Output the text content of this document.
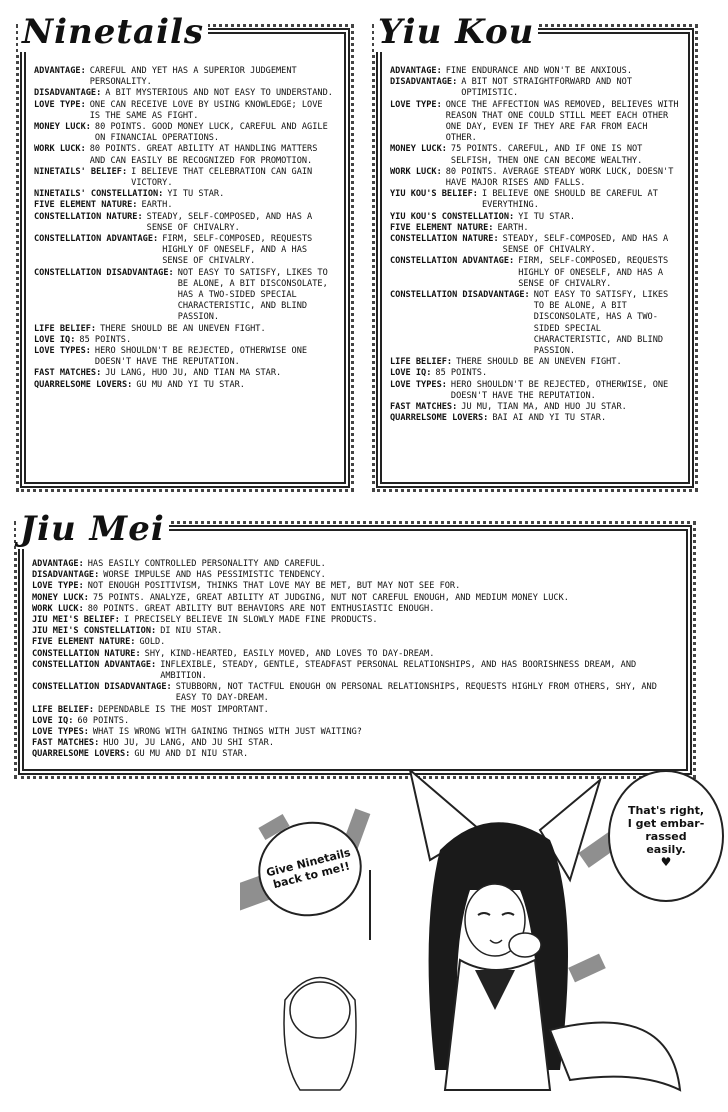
Ninetails
ADVANTAGE: CAREFUL AND YET HAS A SUPERIOR JUDGEMENT PERSONALITY.
DISADVANTAGE: A BIT MYSTERIOUS AND NOT EASY TO UNDERSTAND.
LOVE TYPE: ONE CAN RECEIVE LOVE BY USING KNOWLEDGE; LOVE IS THE SAME AS FIGHT.
MONEY LUCK: 80 POINTS. GOOD MONEY LUCK, CAREFUL AND AGILE ON FINANCIAL OPERATIONS.
WORK LUCK: 80 POINTS. GREAT ABILITY AT HANDLING MATTERS AND CAN EASILY BE RECOGNIZED FOR PROMOTION.
NINETAILS' BELIEF: I BELIEVE THAT CELEBRATION CAN GAIN VICTORY.
NINETAILS' CONSTELLATION: YI TU STAR.
FIVE ELEMENT NATURE: EARTH.
CONSTELLATION NATURE: STEADY, SELF-COMPOSED, AND HAS A SENSE OF CHIVALRY.
CONSTELLATION ADVANTAGE: FIRM, SELF-COMPOSED, REQUESTS HIGHLY OF ONESELF, AND A HAS SENSE OF CHIVALRY.
CONSTELLATION DISADVANTAGE: NOT EASY TO SATISFY, LIKES TO BE ALONE, A BIT DISCONSOLATE, HAS A TWO-SIDED SPECIAL CHARACTERISTIC, AND BLIND PASSION.
LIFE BELIEF: THERE SHOULD BE AN UNEVEN FIGHT.
LOVE IQ: 85 POINTS.
LOVE TYPES: HERO SHOULDN'T BE REJECTED, OTHERWISE ONE DOESN'T HAVE THE REPUTATION.
FAST MATCHES: JU LANG, HUO JU, AND TIAN MA STAR.
QUARRELSOME LOVERS: GU MU AND YI TU STAR.
Yiu Kou
ADVANTAGE: FINE ENDURANCE AND WON'T BE ANXIOUS.
DISADVANTAGE: A BIT NOT STRAIGHTFORWARD AND NOT OPTIMISTIC.
LOVE TYPE: ONCE THE AFFECTION WAS REMOVED, BELIEVES WITH REASON THAT ONE COULD STILL MEET EACH OTHER ONE DAY, EVEN IF THEY ARE FAR FROM EACH OTHER.
MONEY LUCK: 75 POINTS. CAREFUL, AND IF ONE IS NOT SELFISH, THEN ONE CAN BECOME WEALTHY.
WORK LUCK: 80 POINTS. AVERAGE STEADY WORK LUCK, DOESN'T HAVE MAJOR RISES AND FALLS.
YIU KOU'S BELIEF: I BELIEVE ONE SHOULD BE CAREFUL AT EVERYTHING.
YIU KOU'S CONSTELLATION: YI TU STAR.
FIVE ELEMENT NATURE: EARTH.
CONSTELLATION NATURE: STEADY, SELF-COMPOSED, AND HAS A SENSE OF CHIVALRY.
CONSTELLATION ADVANTAGE: FIRM, SELF-COMPOSED, REQUESTS HIGHLY OF ONESELF, AND HAS A SENSE OF CHIVALRY.
CONSTELLATION DISADVANTAGE: NOT EASY TO SATISFY, LIKES TO BE ALONE, A BIT DISCONSOLATE, HAS A TWO-SIDED SPECIAL CHARACTERISTIC, AND BLIND PASSION.
LIFE BELIEF: THERE SHOULD BE AN UNEVEN FIGHT.
LOVE IQ: 85 POINTS.
LOVE TYPES: HERO SHOULDN'T BE REJECTED, OTHERWISE, ONE DOESN'T HAVE THE REPUTATION.
FAST MATCHES: JU MU, TIAN MA, AND HUO JU STAR.
QUARRELSOME LOVERS: BAI AI AND YI TU STAR.
Jiu Mei
ADVANTAGE: HAS EASILY CONTROLLED PERSONALITY AND CAREFUL.
DISADVANTAGE: WORSE IMPULSE AND HAS PESSIMISTIC TENDENCY.
LOVE TYPE: NOT ENOUGH POSITIVISM, THINKS THAT LOVE MAY BE MET, BUT MAY NOT SEE FOR.
MONEY LUCK: 75 POINTS. ANALYZE, GREAT ABILITY AT JUDGING, NUT NOT CAREFUL ENOUGH, AND MEDIUM MONEY LUCK.
WORK LUCK: 80 POINTS. GREAT ABILITY BUT BEHAVIORS ARE NOT ENTHUSIASTIC ENOUGH.
JIU MEI'S BELIEF: I PRECISELY BELIEVE IN SLOWLY MADE FINE PRODUCTS.
JIU MEI'S CONSTELLATION: DI NIU STAR.
FIVE ELEMENT NATURE: GOLD.
CONSTELLATION NATURE: SHY, KIND-HEARTED, EASILY MOVED, AND LOVES TO DAY-DREAM.
CONSTELLATION ADVANTAGE: INFLEXIBLE, STEADY, GENTLE, STEADFAST PERSONAL RELATIONSHIPS, AND HAS BOORISHNESS DREAM, AND AMBITION.
CONSTELLATION DISADVANTAGE: STUBBORN, NOT TACTFUL ENOUGH ON PERSONAL RELATIONSHIPS, REQUESTS HIGHLY FROM OTHERS, SHY, AND EASY TO DAY-DREAM.
LIFE BELIEF: DEPENDABLE IS THE MOST IMPORTANT.
LOVE IQ: 60 POINTS.
LOVE TYPES: WHAT IS WRONG WITH GAINING THINGS WITH JUST WAITING?
FAST MATCHES: HUO JU, JU LANG, AND JU SHI STAR.
QUARRELSOME LOVERS: GU MU AND DI NIU STAR.
Give Ninetails back to me!!
That's right, I get embar-rassed easily.
♥
